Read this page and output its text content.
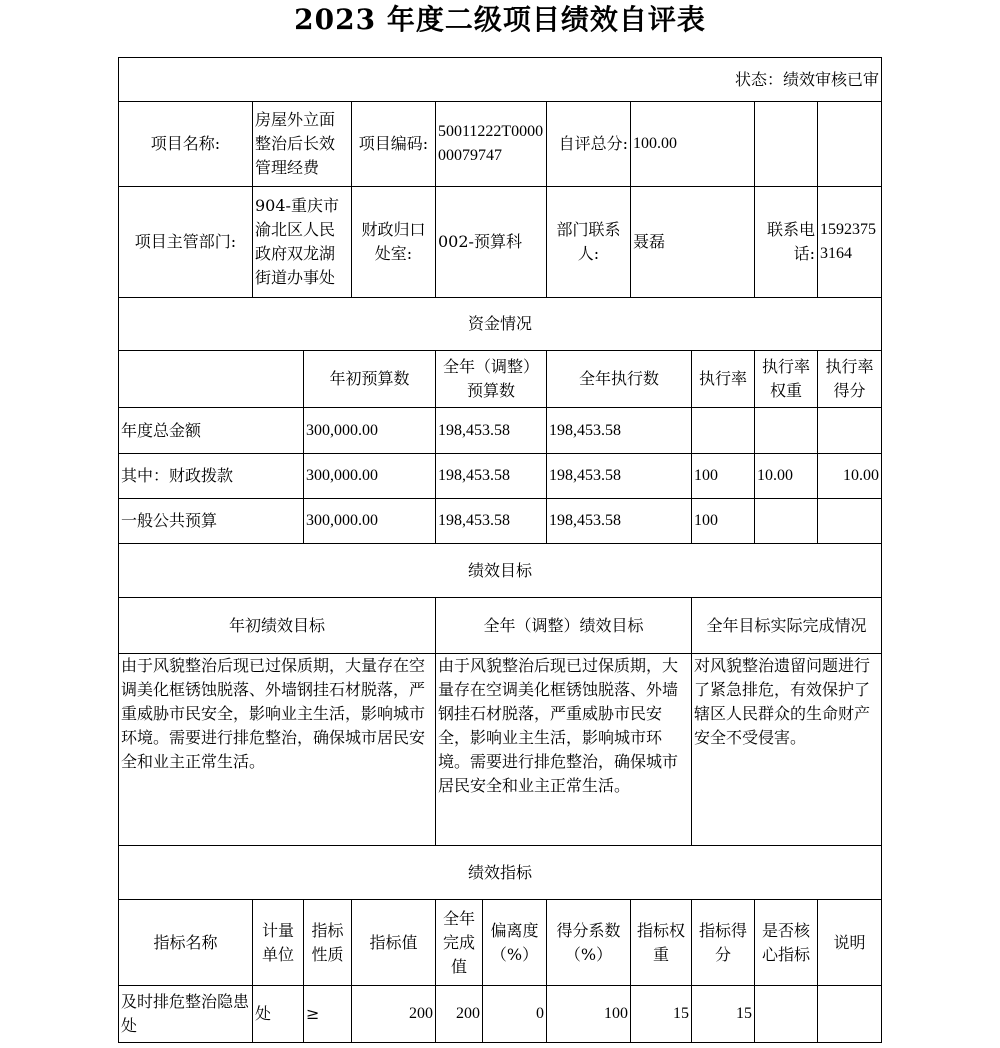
2023 年度二级项目绩效自评表
状态：绩效审核已审										
项目名称:	房屋外立面整治后长效管理经费		项目编码:	50011222T000000079747		自评总分:	100.00			
项目主管部门:	904-重庆市渝北区人民政府双龙湖街道办事处		财政归口处室:	002-预算科		部门联系人:	聂磊		联系电话:	15923753164
资金情况										
		年初预算数		全年（调整）预算数		全年执行数		执行率	执行率权重	执行率得分
年度总金额		300,000.00		198,453.58		198,453.58				
其中：财政拨款		300,000.00		198,453.58		198,453.58		100	10.00	10.00
一般公共预算		300,000.00		198,453.58		198,453.58		100		
绩效目标										
年初绩效目标				全年（调整）绩效目标				全年目标实际完成情况		
由于风貌整治后现已过保质期，大量存在空调美化框锈蚀脱落、外墙钢挂石材脱落，严重威胁市民安全，影响业主生活，影响城市环境。需要进行排危整治，确保城市居民安全和业主正常生活。				由于风貌整治后现已过保质期，大量存在空调美化框锈蚀脱落、外墙钢挂石材脱落，严重威胁市民安全，影响业主生活，影响城市环境。需要进行排危整治，确保城市居民安全和业主正常生活。				对风貌整治遗留问题进行了紧急排危，有效保护了辖区人民群众的生命财产安全不受侵害。		
绩效指标										
指标名称	计量单位	指标性质	指标值	全年完成值	偏离度（%）	得分系数（%）	指标权重	指标得分	是否核心指标	说明
及时排危整治隐患处	处	≥	200	200	0	100	15	15		
